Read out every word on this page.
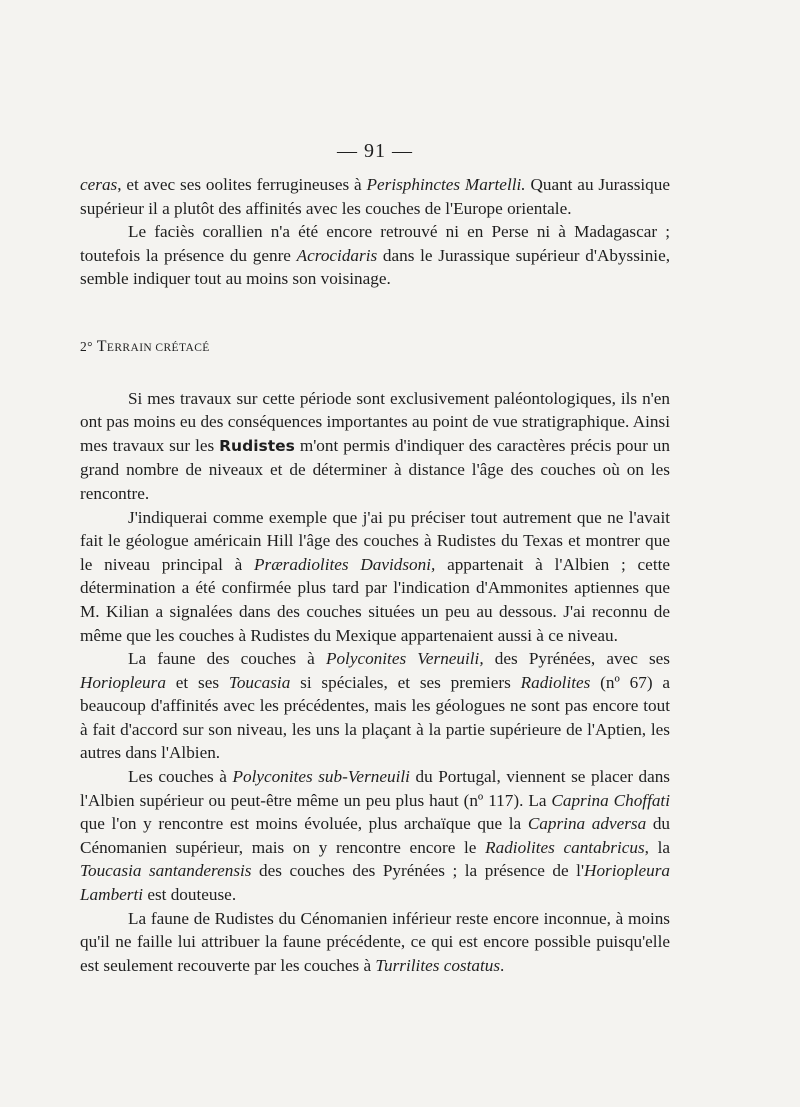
— 91 —

ceras, et avec ses oolites ferrugineuses à Perisphinctes Martelli. Quant au Jurassique supérieur il a plutôt des affinités avec les couches de l'Europe orientale.

Le faciès corallien n'a été encore retrouvé ni en Perse ni à Madagascar ; toutefois la présence du genre Acrocidaris dans le Jurassique supérieur d'Abyssinie, semble indiquer tout au moins son voisinage.

2° TERRAIN CRÉTACÉ

Si mes travaux sur cette période sont exclusivement paléontologiques, ils n'en ont pas moins eu des conséquences importantes au point de vue stratigraphique. Ainsi mes travaux sur les Rudistes m'ont permis d'indiquer des caractères précis pour un grand nombre de niveaux et de déterminer à distance l'âge des couches où on les rencontre.

J'indiquerai comme exemple que j'ai pu préciser tout autrement que ne l'avait fait le géologue américain Hill l'âge des couches à Rudistes du Texas et montrer que le niveau principal à Præradiolites Davidsoni, appartenait à l'Albien ; cette détermination a été confirmée plus tard par l'indication d'Ammonites aptiennes que M. Kilian a signalées dans des couches situées un peu au dessous. J'ai reconnu de même que les couches à Rudistes du Mexique appartenaient aussi à ce niveau.

La faune des couches à Polyconites Verneuili, des Pyrénées, avec ses Horiopleura et ses Toucasia si spéciales, et ses premiers Radiolites (nº 67) a beaucoup d'affinités avec les précédentes, mais les géologues ne sont pas encore tout à fait d'accord sur son niveau, les uns la plaçant à la partie supérieure de l'Aptien, les autres dans l'Albien.

Les couches à Polyconites sub-Verneuili du Portugal, viennent se placer dans l'Albien supérieur ou peut-être même un peu plus haut (nº 117). La Caprina Choffati que l'on y rencontre est moins évoluée, plus archaïque que la Caprina adversa du Cénomanien supérieur, mais on y rencontre encore le Radiolites cantabricus, la Toucasia santanderensis des couches des Pyrénées ; la présence de l'Horiopleura Lamberti est douteuse.

La faune de Rudistes du Cénomanien inférieur reste encore inconnue, à moins qu'il ne faille lui attribuer la faune précédente, ce qui est encore possible puisqu'elle est seulement recouverte par les couches à Turrilites costatus.
